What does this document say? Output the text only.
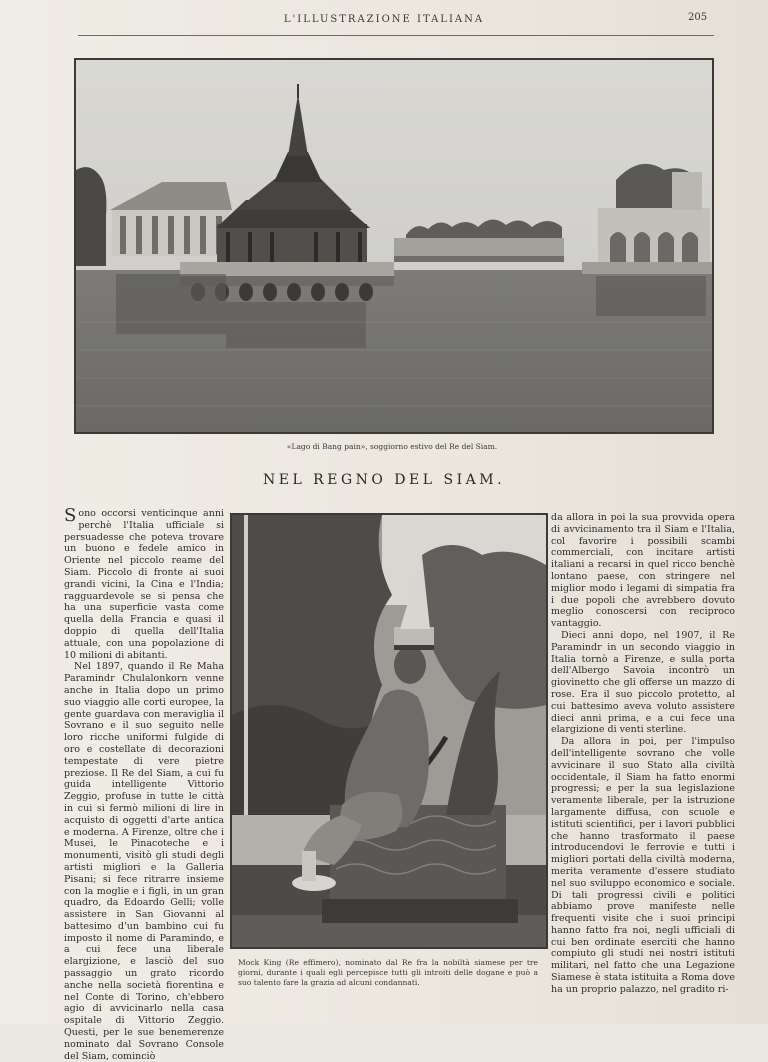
L'ILLUSTRAZIONE ITALIANA	205
«Lago di Bang pain», soggiorno estivo del Re del Siam.
NEL REGNO DEL SIAM.

Sono occorsi venticinque anni perchè l'Italia ufficiale si persuadesse che poteva trovare un buono e fedele amico in Oriente nel piccolo reame del Siam. Piccolo di fronte ai suoi grandi vicini, la Cina e l'India; ragguardevole se si pensa che ha una superficie vasta come quella della Francia e quasi il doppio di quella dell'Italia attuale, con una popolazione di 10 milioni di abitanti.

Nel 1897, quando il Re Maha Paramindr Chulalonkorn venne anche in Italia dopo un primo suo viaggio alle corti europee, la gente guardava con meraviglia il Sovrano e il suo seguito nelle loro ricche uniformi fulgide di oro e costellate di decorazioni tempestate di vere pietre preziose. Il Re del Siam, a cui fu guida intelligente Vittorio Zeggio, profuse in tutte le città in cui si fermò milioni di lire in acquisto di oggetti d'arte antica e moderna. A Firenze, oltre che i Musei, le Pinacoteche e i monumenti, visitò gli studi degli artisti migliori e la Galleria Pisani; si fece ritrarre insieme con la moglie e i figli, in un gran quadro, da Edoardo Gelli; volle assistere in San Giovanni al battesimo d'un bambino cui fu imposto il nome di Paramindo, e a cui fece una liberale elargizione, e lasciò del suo passaggio un grato ricordo anche nella società fiorentina e nel Conte di Torino, ch'ebbero agio di avvicinarlo nella casa ospitale di Vittorio Zeggio. Questi, per le sue benemerenze nominato dal Sovrano Console del Siam, cominciò

Mock King (Re effimero), nominato dal Re fra la nobiltà siamese per tre giorni, durante i quali egli percepisce tutti gli introiti delle dogane e può a suo talento fare la grazia ad alcuni condannati.

da allora in poi la sua provvida opera di avvicinamento tra il Siam e l'Italia, col favorire i possibili scambi commerciali, con incitare artisti italiani a recarsi in quel ricco benchè lontano paese, con stringere nel miglior modo i legami di simpatia fra i due popoli che avrebbero dovuto meglio conoscersi con reciproco vantaggio.

Dieci anni dopo, nel 1907, il Re Paramindr in un secondo viaggio in Italia tornò a Firenze, e sulla porta dell'Albergo Savoia incontrò un giovinetto che gli offerse un mazzo di rose. Era il suo piccolo protetto, al cui battesimo aveva voluto assistere dieci anni prima, e a cui fece una elargizione di venti sterline.

Da allora in poi, per l'impulso dell'intelligente sovrano che volle avvicinare il suo Stato alla civiltà occidentale, il Siam ha fatto enormi progressi; e per la sua legislazione veramente liberale, per la istruzione largamente diffusa, con scuole e istituti scientifici, per i lavori pubblici che hanno trasformato il paese introducendovi le ferrovie e tutti i migliori portati della civiltà moderna, merita veramente d'essere studiato nel suo sviluppo economico e sociale. Di tali progressi civili e politici abbiamo prove manifeste nelle frequenti visite che i suoi principi hanno fatto fra noi, negli ufficiali di cui ben ordinate eserciti che hanno compiuto gli studi nei nostri istituti militari, nel fatto che una Legazione Siamese è stata istituita a Roma dove ha un proprio palazzo, nel gradito ri-
